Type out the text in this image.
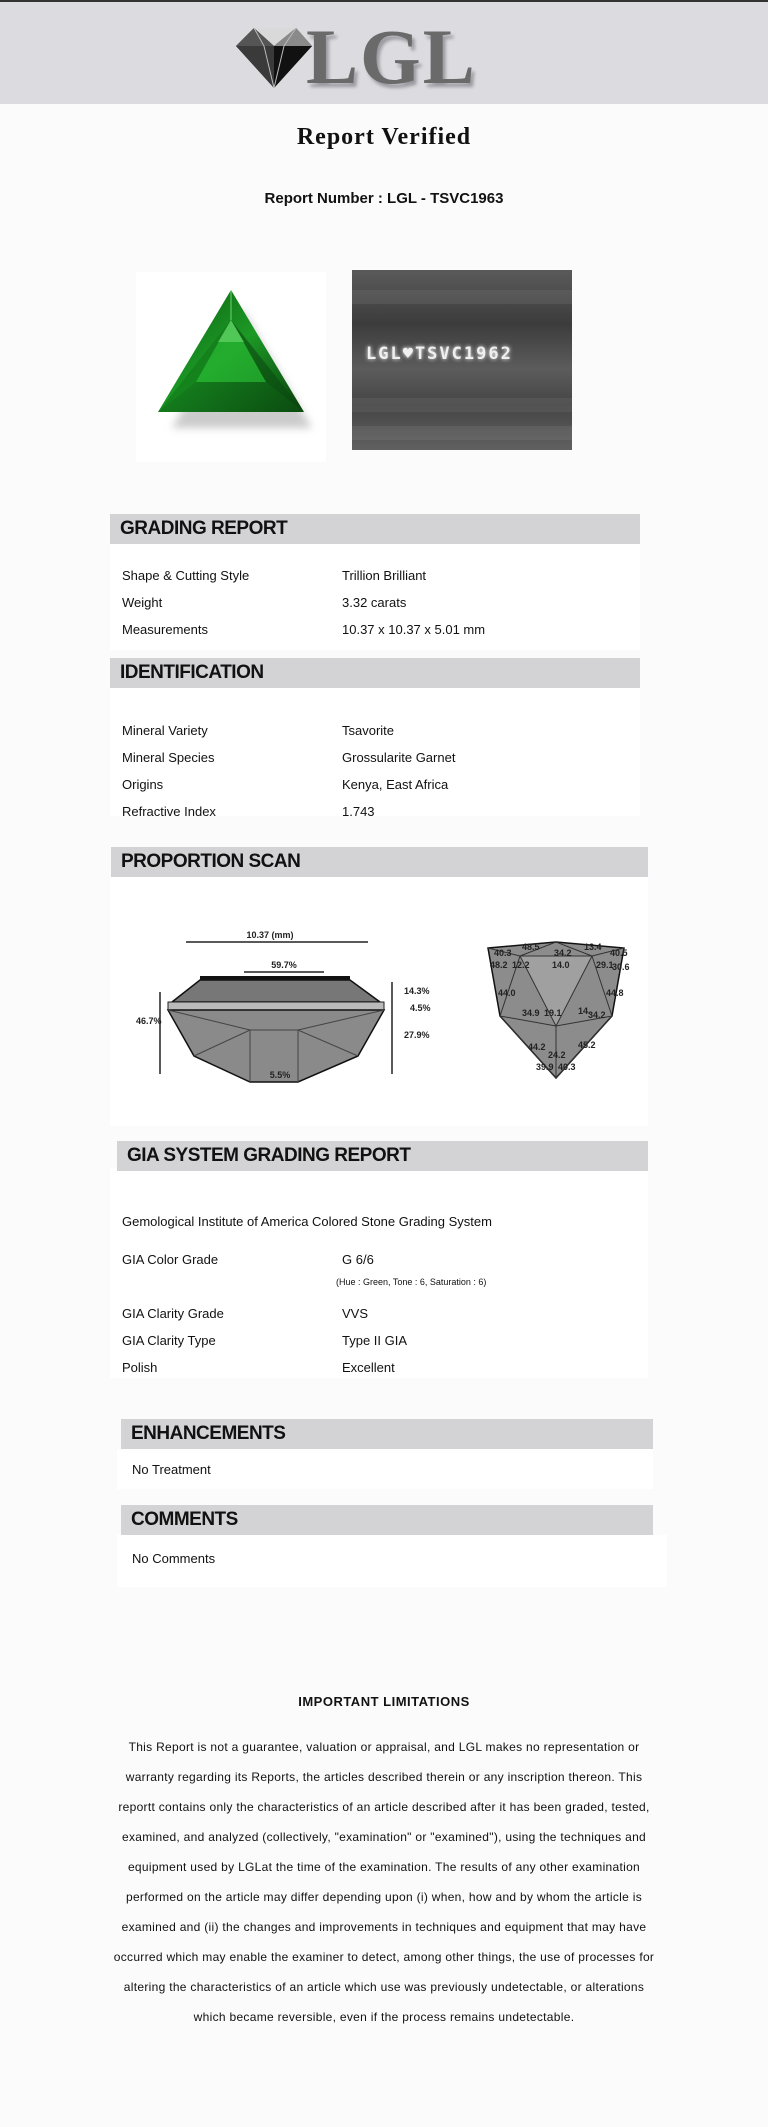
LGL
Report Verified
Report Number : LGL - TSVC1963
LGL♥TSVC1962
GRADING REPORT
Shape & Cutting Style	Trillion Brilliant
Weight	3.32 carats
Measurements	10.37 x 10.37 x 5.01 mm
IDENTIFICATION
Mineral Variety	Tsavorite
Mineral Species	Grossularite Garnet
Origins	Kenya, East Africa
Refractive Index	1.743
PROPORTION SCAN
10.37 (mm)
59.7%
46.7%
14.3%
4.5%
27.9%
5.5%
40.3
48.5
34.2
13.4
40.5
48.2 12.2 14.0	29.1
30.6
44.0
34.9 19.1 14.
34.2
44.8
44.2	45.2
24.2
39.9 40.3
GIA SYSTEM GRADING REPORT
Gemological Institute of America Colored Stone Grading System
GIA Color Grade	G 6/6
(Hue : Green, Tone : 6, Saturation : 6)
GIA Clarity Grade	VVS
GIA Clarity Type	Type II GIA
Polish	Excellent
ENHANCEMENTS
No Treatment
COMMENTS
No Comments
IMPORTANT LIMITATIONS
This Report is not a guarantee, valuation or appraisal, and LGL makes no representation or warranty regarding its Reports, the articles described therein or any inscription thereon. This reportt contains only the characteristics of an article described after it has been graded, tested, examined, and analyzed (collectively, "examination" or "examined"), using the techniques and equipment used by LGLat the time of the examination. The results of any other examination performed on the article may differ depending upon (i) when, how and by whom the article is examined and (ii) the changes and improvements in techniques and equipment that may have occurred which may enable the examiner to detect, among other things, the use of processes for altering the characteristics of an article which use was previously undetectable, or alterations which became reversible, even if the process remains undetectable.
